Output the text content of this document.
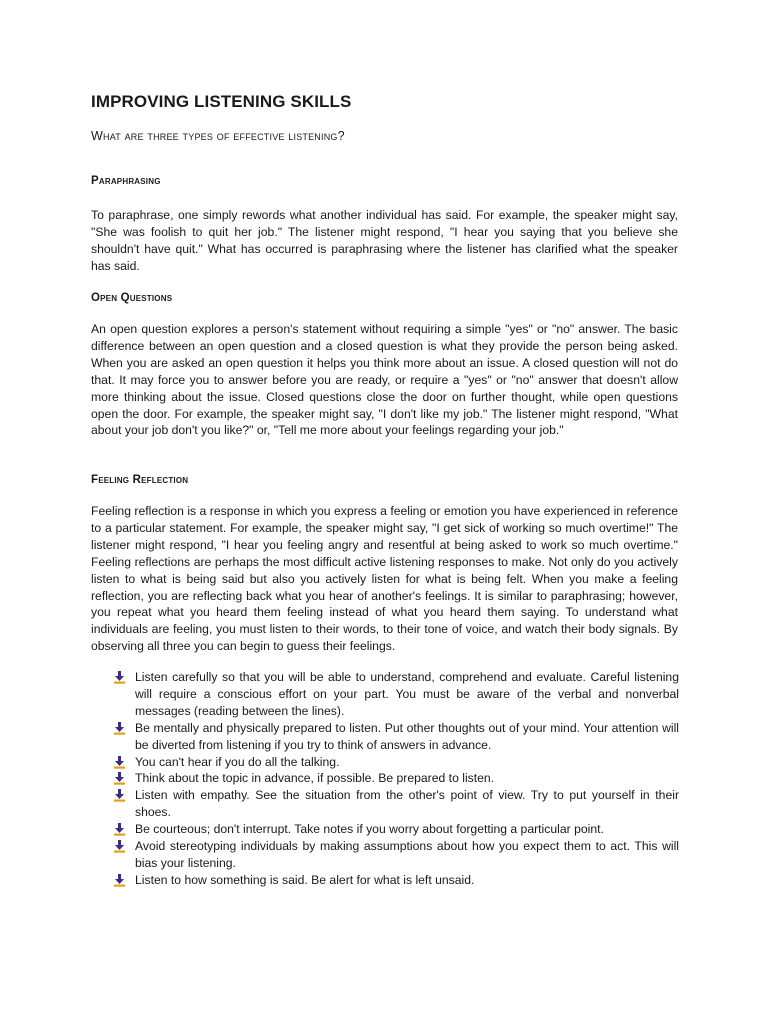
IMPROVING LISTENING SKILLS

What are three types of effective listening?

Paraphrasing

To paraphrase, one simply rewords what another individual has said. For example, the speaker might say, "She was foolish to quit her job." The listener might respond, "I hear you saying that you believe she shouldn't have quit." What has occurred is paraphrasing where the listener has clarified what the speaker has said.

Open Questions

An open question explores a person's statement without requiring a simple "yes" or "no" answer. The basic difference between an open question and a closed question is what they provide the person being asked. When you are asked an open question it helps you think more about an issue. A closed question will not do that. It may force you to answer before you are ready, or require a "yes" or "no" answer that doesn't allow more thinking about the issue. Closed questions close the door on further thought, while open questions open the door. For example, the speaker might say, "I don't like my job." The listener might respond, "What about your job don't you like?" or, "Tell me more about your feelings regarding your job."

Feeling Reflection

Feeling reflection is a response in which you express a feeling or emotion you have experienced in reference to a particular statement. For example, the speaker might say, "I get sick of working so much overtime!" The listener might respond, "I hear you feeling angry and resentful at being asked to work so much overtime." Feeling reflections are perhaps the most difficult active listening responses to make. Not only do you actively listen to what is being said but also you actively listen for what is being felt. When you make a feeling reflection, you are reflecting back what you hear of another's feelings. It is similar to paraphrasing; however, you repeat what you heard them feeling instead of what you heard them saying. To understand what individuals are feeling, you must listen to their words, to their tone of voice, and watch their body signals. By observing all three you can begin to guess their feelings.

Listen carefully so that you will be able to understand, comprehend and evaluate. Careful listening will require a conscious effort on your part. You must be aware of the verbal and nonverbal messages (reading between the lines).
Be mentally and physically prepared to listen. Put other thoughts out of your mind. Your attention will be diverted from listening if you try to think of answers in advance.
You can't hear if you do all the talking.
Think about the topic in advance, if possible. Be prepared to listen.
Listen with empathy. See the situation from the other's point of view. Try to put yourself in their shoes.
Be courteous; don't interrupt. Take notes if you worry about forgetting a particular point.
Avoid stereotyping individuals by making assumptions about how you expect them to act. This will bias your listening.
Listen to how something is said. Be alert for what is left unsaid.
